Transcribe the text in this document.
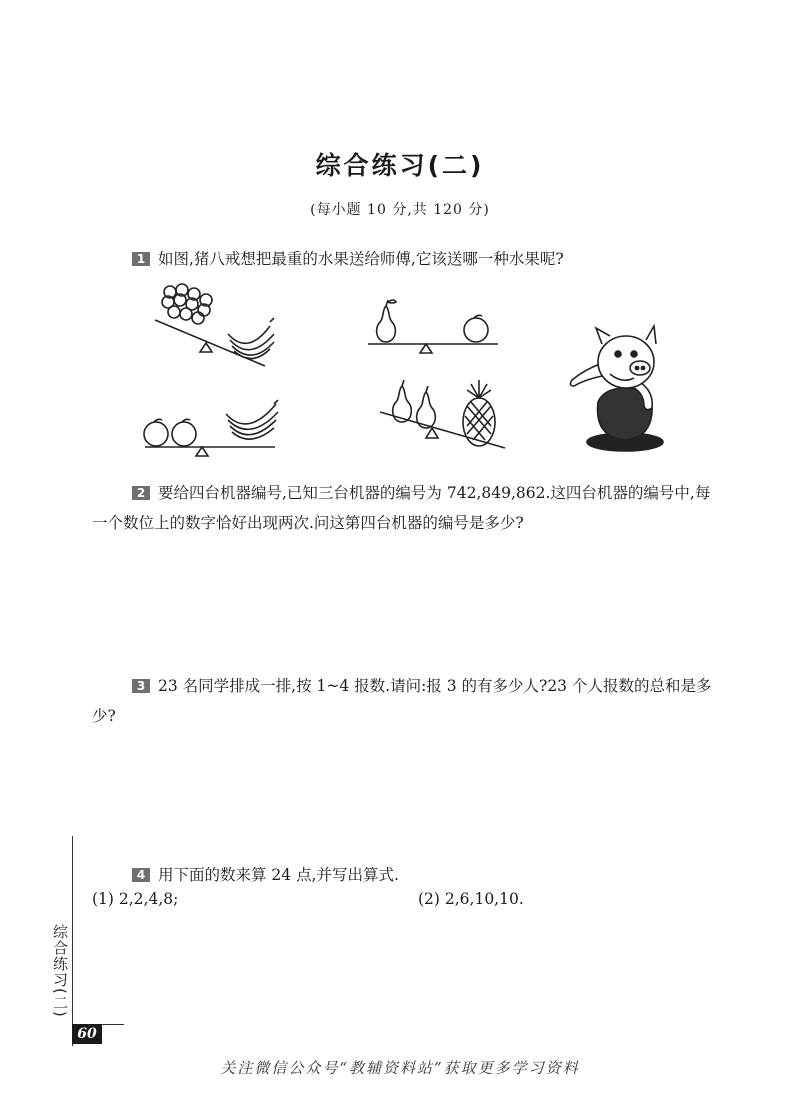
综合练习(二)
(每小题 10 分,共 120 分)
1 如图,猪八戒想把最重的水果送给师傅,它该送哪一种水果呢?
2 要给四台机器编号,已知三台机器的编号为 742,849,862.这四台机器的编号中,每一个数位上的数字恰好出现两次.问这第四台机器的编号是多少?
3 23 名同学排成一排,按 1~4 报数.请问:报 3 的有多少人?23 个人报数的总和是多少?
4 用下面的数来算 24 点,并写出算式.
(1) 2,2,4,8;	(2) 2,6,10,10.
综合练习(二)
60
关注微信公众号“教辅资料站”获取更多学习资料
